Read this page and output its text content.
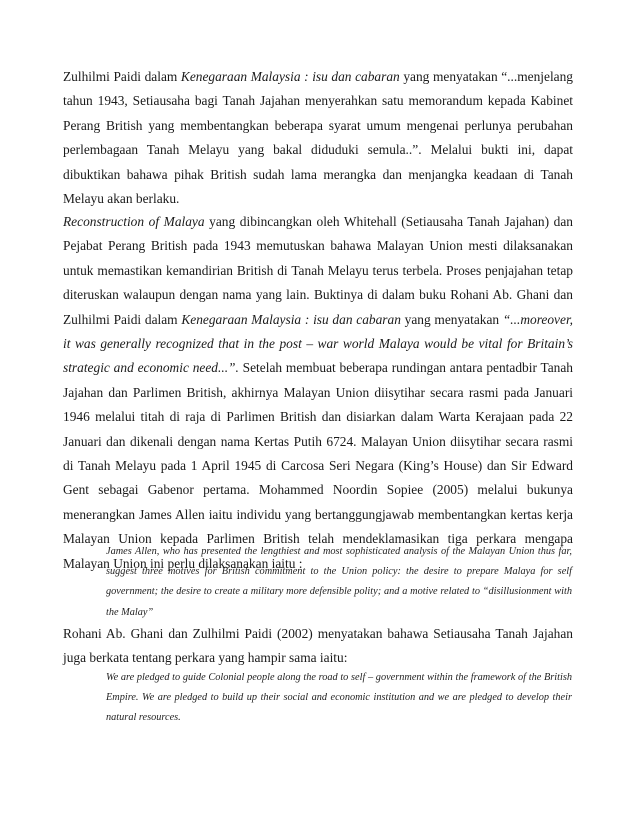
Zulhilmi Paidi dalam Kenegaraan Malaysia : isu dan cabaran yang menyatakan “...menjelang tahun 1943, Setiausaha bagi Tanah Jajahan menyerahkan satu memorandum kepada Kabinet Perang British yang membentangkan beberapa syarat umum mengenai perlunya perubahan perlembagaan Tanah Melayu yang bakal diduduki semula..”. Melalui bukti ini, dapat dibuktikan bahawa pihak British sudah lama merangka dan menjangka keadaan di Tanah Melayu akan berlaku.

Reconstruction of Malaya yang dibincangkan oleh Whitehall (Setiausaha Tanah Jajahan) dan Pejabat Perang British pada 1943 memutuskan bahawa Malayan Union mesti dilaksanakan untuk memastikan kemandirian British di Tanah Melayu terus terbela. Proses penjajahan tetap diteruskan walaupun dengan nama yang lain. Buktinya di dalam buku Rohani Ab. Ghani dan Zulhilmi Paidi dalam Kenegaraan Malaysia : isu dan cabaran yang menyatakan “...moreover, it was generally recognized that in the post – war world Malaya would be vital for Britain’s strategic and economic need...”. Setelah membuat beberapa rundingan antara pentadbir Tanah Jajahan dan Parlimen British, akhirnya Malayan Union diisytihar secara rasmi pada Januari 1946 melalui titah di raja di Parlimen British dan disiarkan dalam Warta Kerajaan pada 22 Januari dan dikenali dengan nama Kertas Putih 6724. Malayan Union diisytihar secara rasmi di Tanah Melayu pada 1 April 1945 di Carcosa Seri Negara (King’s House) dan Sir Edward Gent sebagai Gabenor pertama. Mohammed Noordin Sopiee (2005) melalui bukunya menerangkan James Allen iaitu individu yang bertanggungjawab membentangkan kertas kerja Malayan Union kepada Parlimen British telah mendeklamasikan tiga perkara mengapa Malayan Union ini perlu dilaksanakan iaitu :

James Allen, who has presented the lengthiest and most sophisticated analysis of the Malayan Union thus far, suggest three motives for British commitment to the Union policy: the desire to prepare Malaya for self government; the desire to create a military more defensible polity; and a motive related to “disillusionment with the Malay”

Rohani Ab. Ghani dan Zulhilmi Paidi (2002) menyatakan bahawa Setiausaha Tanah Jajahan juga berkata tentang perkara yang hampir sama iaitu:

We are pledged to guide Colonial people along the road to self – government within the framework of the British Empire. We are pledged to build up their social and economic institution and we are pledged to develop their natural resources.
